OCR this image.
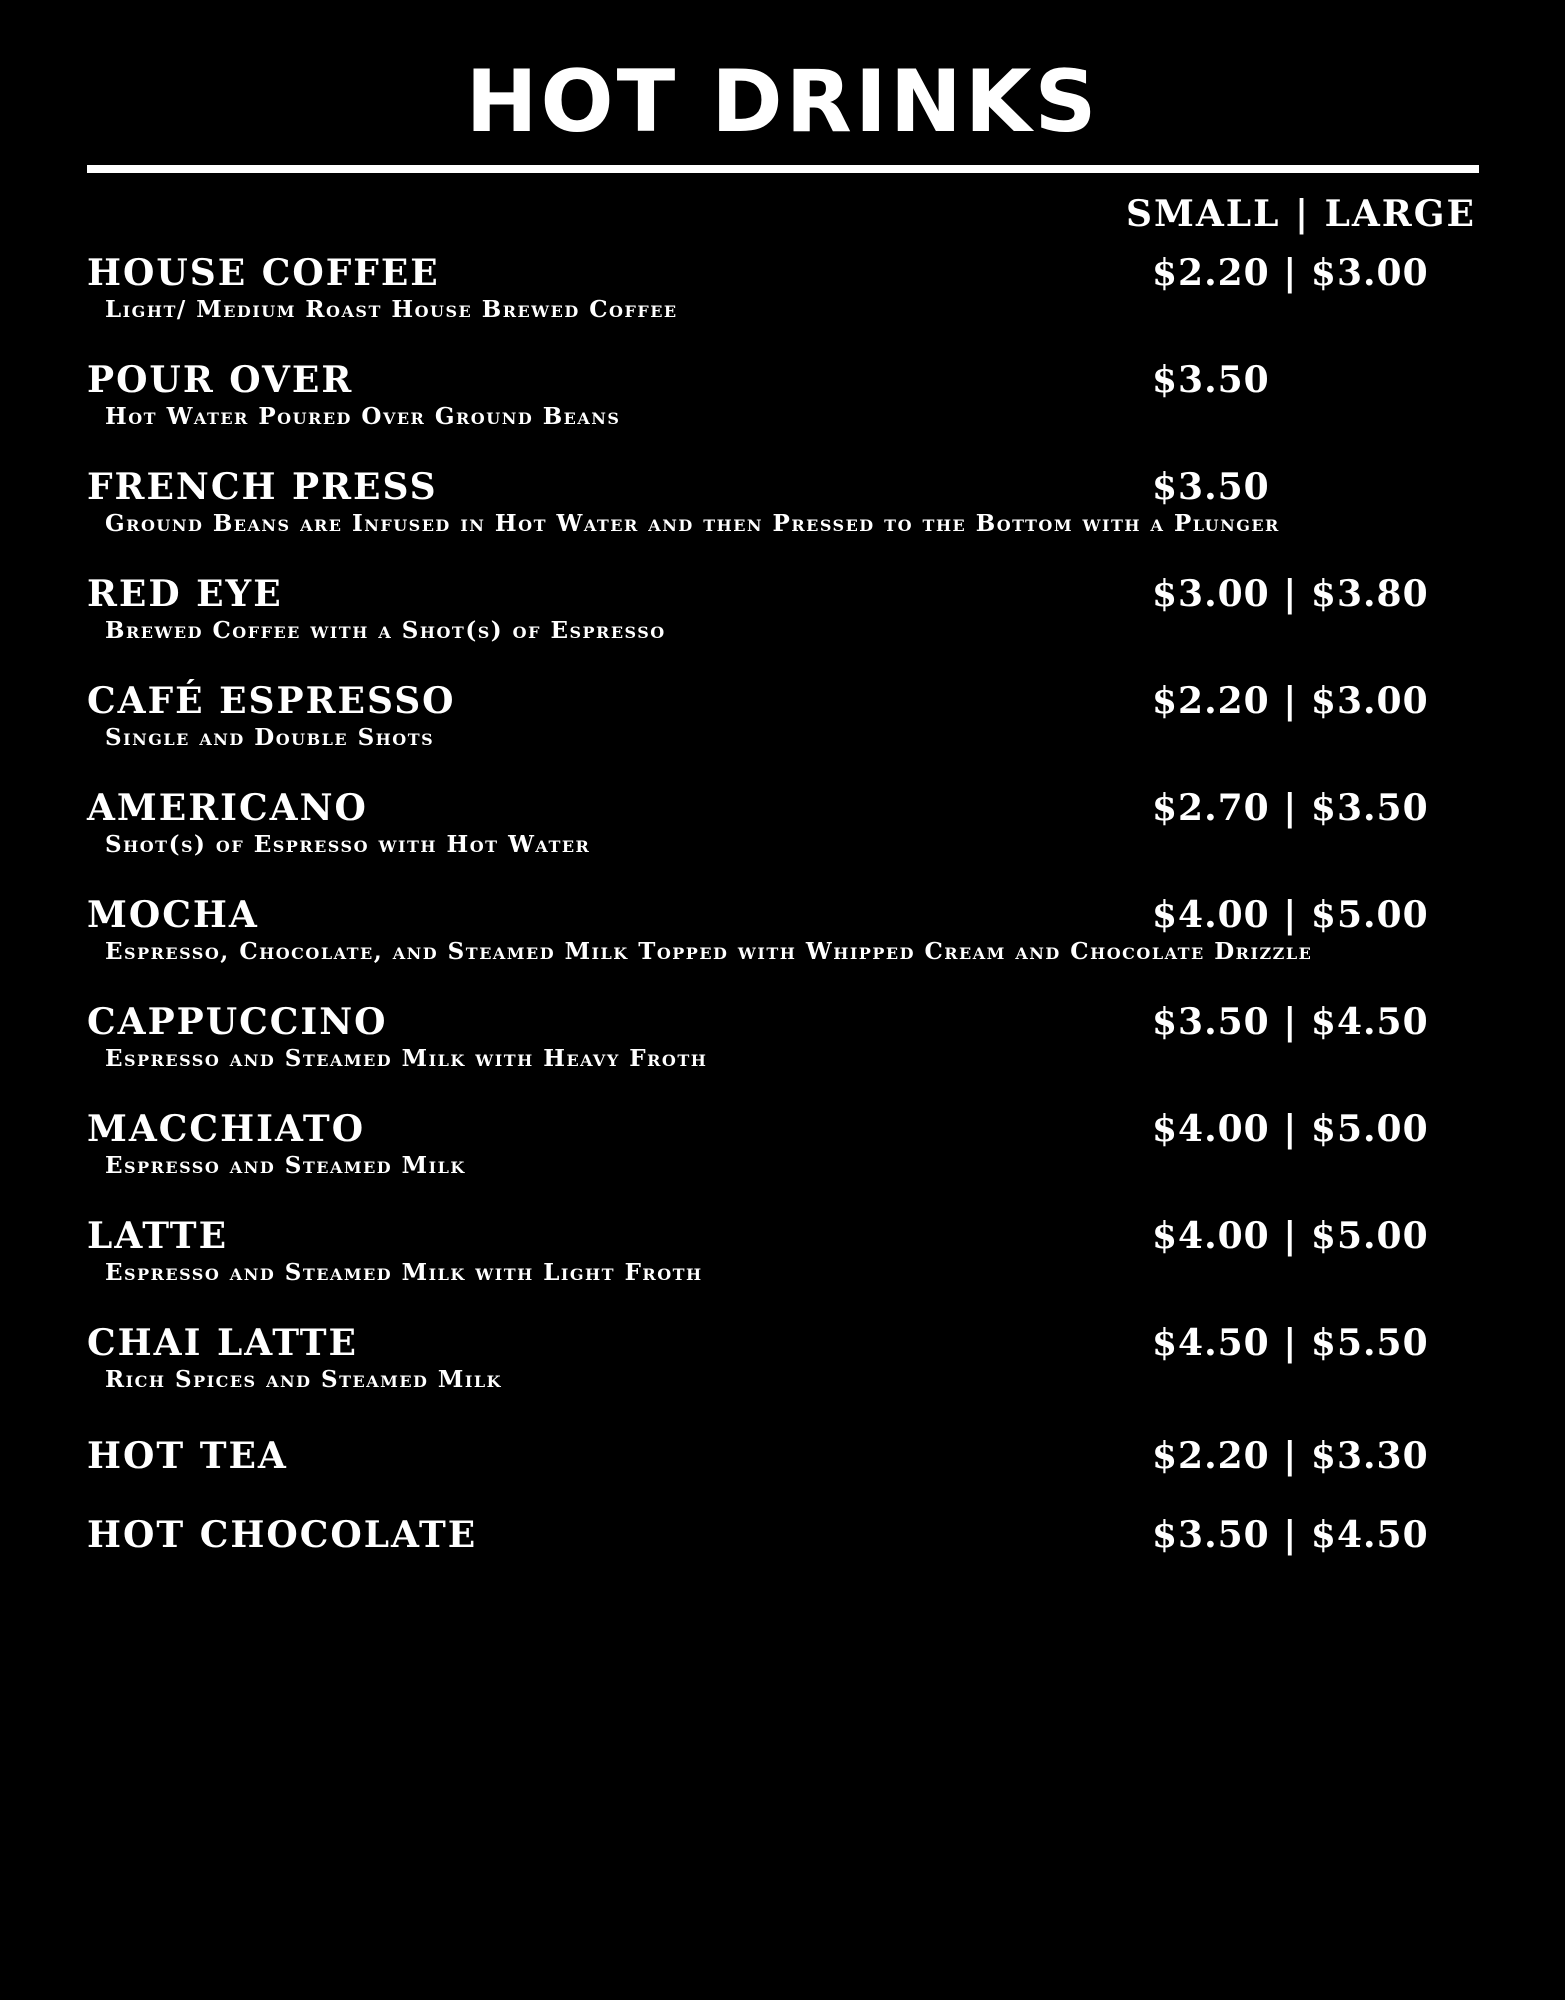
HOT DRINKS
SMALL | LARGE
HOUSE COFFEE	$2.20 | $3.00
Light/ Medium Roast House Brewed Coffee
POUR OVER	$3.50
Hot Water Poured Over Ground Beans
FRENCH PRESS	$3.50
Ground Beans are Infused in Hot Water and then Pressed to the Bottom with a Plunger
RED EYE	$3.00 | $3.80
Brewed Coffee with a Shot(s) of Espresso
CAFÉ ESPRESSO	$2.20 | $3.00
Single and Double Shots
AMERICANO	$2.70 | $3.50
Shot(s) of Espresso with Hot Water
MOCHA	$4.00 | $5.00
Espresso, Chocolate, and Steamed Milk Topped with Whipped Cream and Chocolate Drizzle
CAPPUCCINO	$3.50 | $4.50
Espresso and Steamed Milk with Heavy Froth
MACCHIATO	$4.00 | $5.00
Espresso and Steamed Milk
LATTE	$4.00 | $5.00
Espresso and Steamed Milk with Light Froth
CHAI LATTE	$4.50 | $5.50
Rich Spices and Steamed Milk
HOT TEA	$2.20 | $3.30
HOT CHOCOLATE	$3.50 | $4.50
